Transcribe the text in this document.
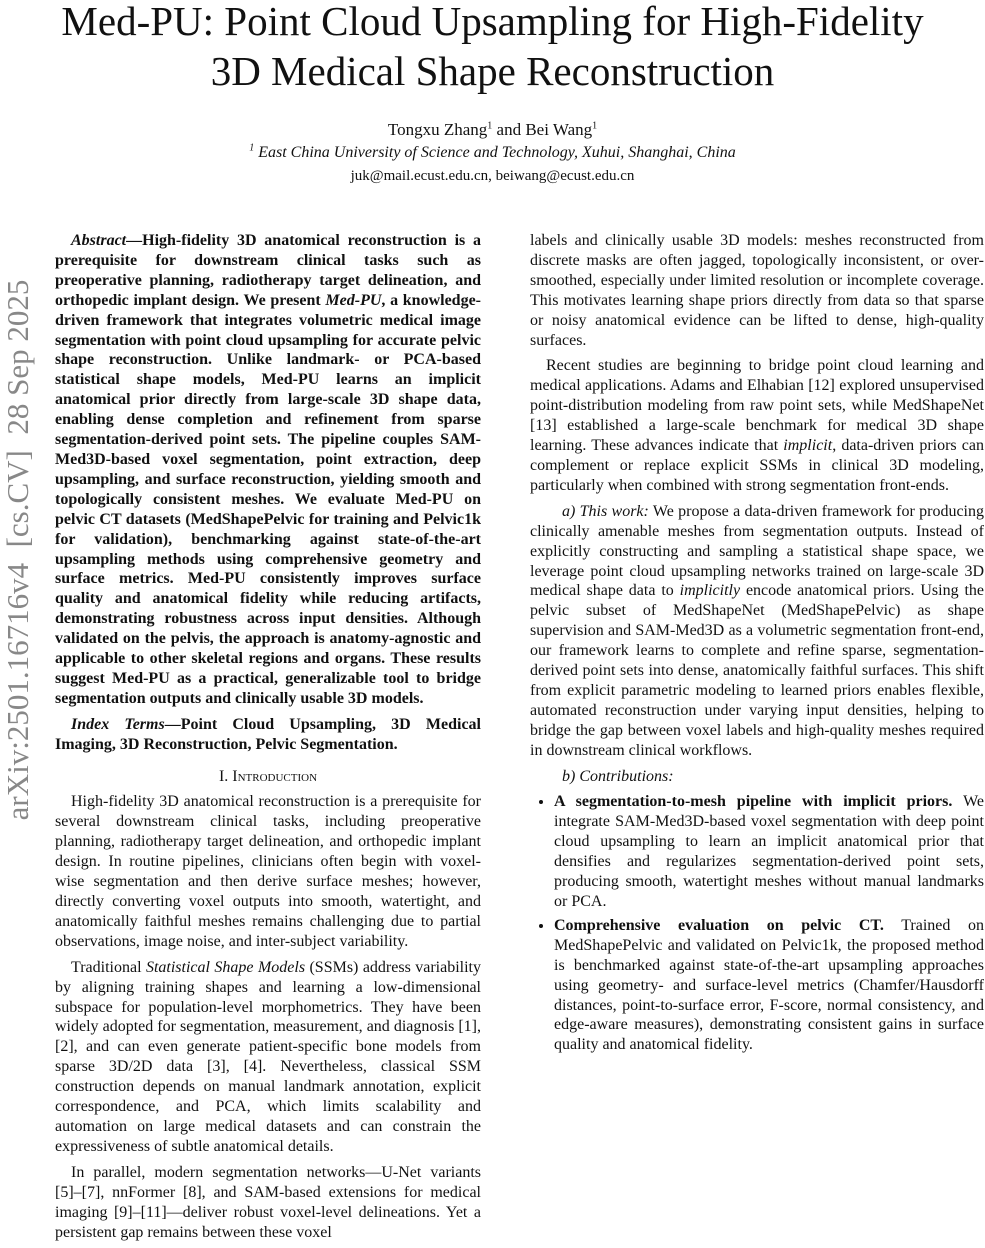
Med-PU: Point Cloud Upsampling for High-Fidelity
3D Medical Shape Reconstruction
Tongxu Zhang$^1$ and Bei Wang$^1$
$^1$ East China University of Science and Technology, Xuhui, Shanghai, China
juk@mail.ecust.edu.cn, beiwang@ecust.edu.cn
arXiv:2501.16716v4  [cs.CV]  28 Sep 2025
Abstract—High-fidelity 3D anatomical reconstruction is a prerequisite for downstream clinical tasks such as preoperative planning, radiotherapy target delineation, and orthopedic implant design. We present Med-PU, a knowledge-driven framework that integrates volumetric medical image segmentation with point cloud upsampling for accurate pelvic shape reconstruction. Unlike landmark- or PCA-based statistical shape models, Med-PU learns an implicit anatomical prior directly from large-scale 3D shape data, enabling dense completion and refinement from sparse segmentation-derived point sets. The pipeline couples SAM-Med3D-based voxel segmentation, point extraction, deep upsampling, and surface reconstruction, yielding smooth and topologically consistent meshes. We evaluate Med-PU on pelvic CT datasets (MedShapePelvic for training and Pelvic1k for validation), benchmarking against state-of-the-art upsampling methods using comprehensive geometry and surface metrics. Med-PU consistently improves surface quality and anatomical fidelity while reducing artifacts, demonstrating robustness across input densities. Although validated on the pelvis, the approach is anatomy-agnostic and applicable to other skeletal regions and organs. These results suggest Med-PU as a practical, generalizable tool to bridge segmentation outputs and clinically usable 3D models.
Index Terms—Point Cloud Upsampling, 3D Medical Imaging, 3D Reconstruction, Pelvic Segmentation.
I. Introduction
High-fidelity 3D anatomical reconstruction is a prerequisite for several downstream clinical tasks, including preoperative planning, radiotherapy target delineation, and orthopedic implant design. In routine pipelines, clinicians often begin with voxel-wise segmentation and then derive surface meshes; however, directly converting voxel outputs into smooth, watertight, and anatomically faithful meshes remains challenging due to partial observations, image noise, and inter-subject variability.
Traditional Statistical Shape Models (SSMs) address variability by aligning training shapes and learning a low-dimensional subspace for population-level morphometrics. They have been widely adopted for segmentation, measurement, and diagnosis [1], [2], and can even generate patient-specific bone models from sparse 3D/2D data [3], [4]. Nevertheless, classical SSM construction depends on manual landmark annotation, explicit correspondence, and PCA, which limits scalability and automation on large medical datasets and can constrain the expressiveness of subtle anatomical details.
In parallel, modern segmentation networks—U-Net variants [5]–[7], nnFormer [8], and SAM-based extensions for medical imaging [9]–[11]—deliver robust voxel-level delineations. Yet a persistent gap remains between these voxel
labels and clinically usable 3D models: meshes reconstructed from discrete masks are often jagged, topologically inconsistent, or over-smoothed, especially under limited resolution or incomplete coverage. This motivates learning shape priors directly from data so that sparse or noisy anatomical evidence can be lifted to dense, high-quality surfaces.
Recent studies are beginning to bridge point cloud learning and medical applications. Adams and Elhabian [12] explored unsupervised point-distribution modeling from raw point sets, while MedShapeNet [13] established a large-scale benchmark for medical 3D shape learning. These advances indicate that implicit, data-driven priors can complement or replace explicit SSMs in clinical 3D modeling, particularly when combined with strong segmentation front-ends.
a) This work: We propose a data-driven framework for producing clinically amenable meshes from segmentation outputs. Instead of explicitly constructing and sampling a statistical shape space, we leverage point cloud upsampling networks trained on large-scale 3D medical shape data to implicitly encode anatomical priors. Using the pelvic subset of MedShapeNet (MedShapePelvic) as shape supervision and SAM-Med3D as a volumetric segmentation front-end, our framework learns to complete and refine sparse, segmentation-derived point sets into dense, anatomically faithful surfaces. This shift from explicit parametric modeling to learned priors enables flexible, automated reconstruction under varying input densities, helping to bridge the gap between voxel labels and high-quality meshes required in downstream clinical workflows.
b) Contributions:
• A segmentation-to-mesh pipeline with implicit priors. We integrate SAM-Med3D-based voxel segmentation with deep point cloud upsampling to learn an implicit anatomical prior that densifies and regularizes segmentation-derived point sets, producing smooth, watertight meshes without manual landmarks or PCA.
• Comprehensive evaluation on pelvic CT. Trained on MedShapePelvic and validated on Pelvic1k, the proposed method is benchmarked against state-of-the-art upsampling approaches using geometry- and surface-level metrics (Chamfer/Hausdorff distances, point-to-surface error, F-score, normal consistency, and edge-aware measures), demonstrating consistent gains in surface quality and anatomical fidelity.
